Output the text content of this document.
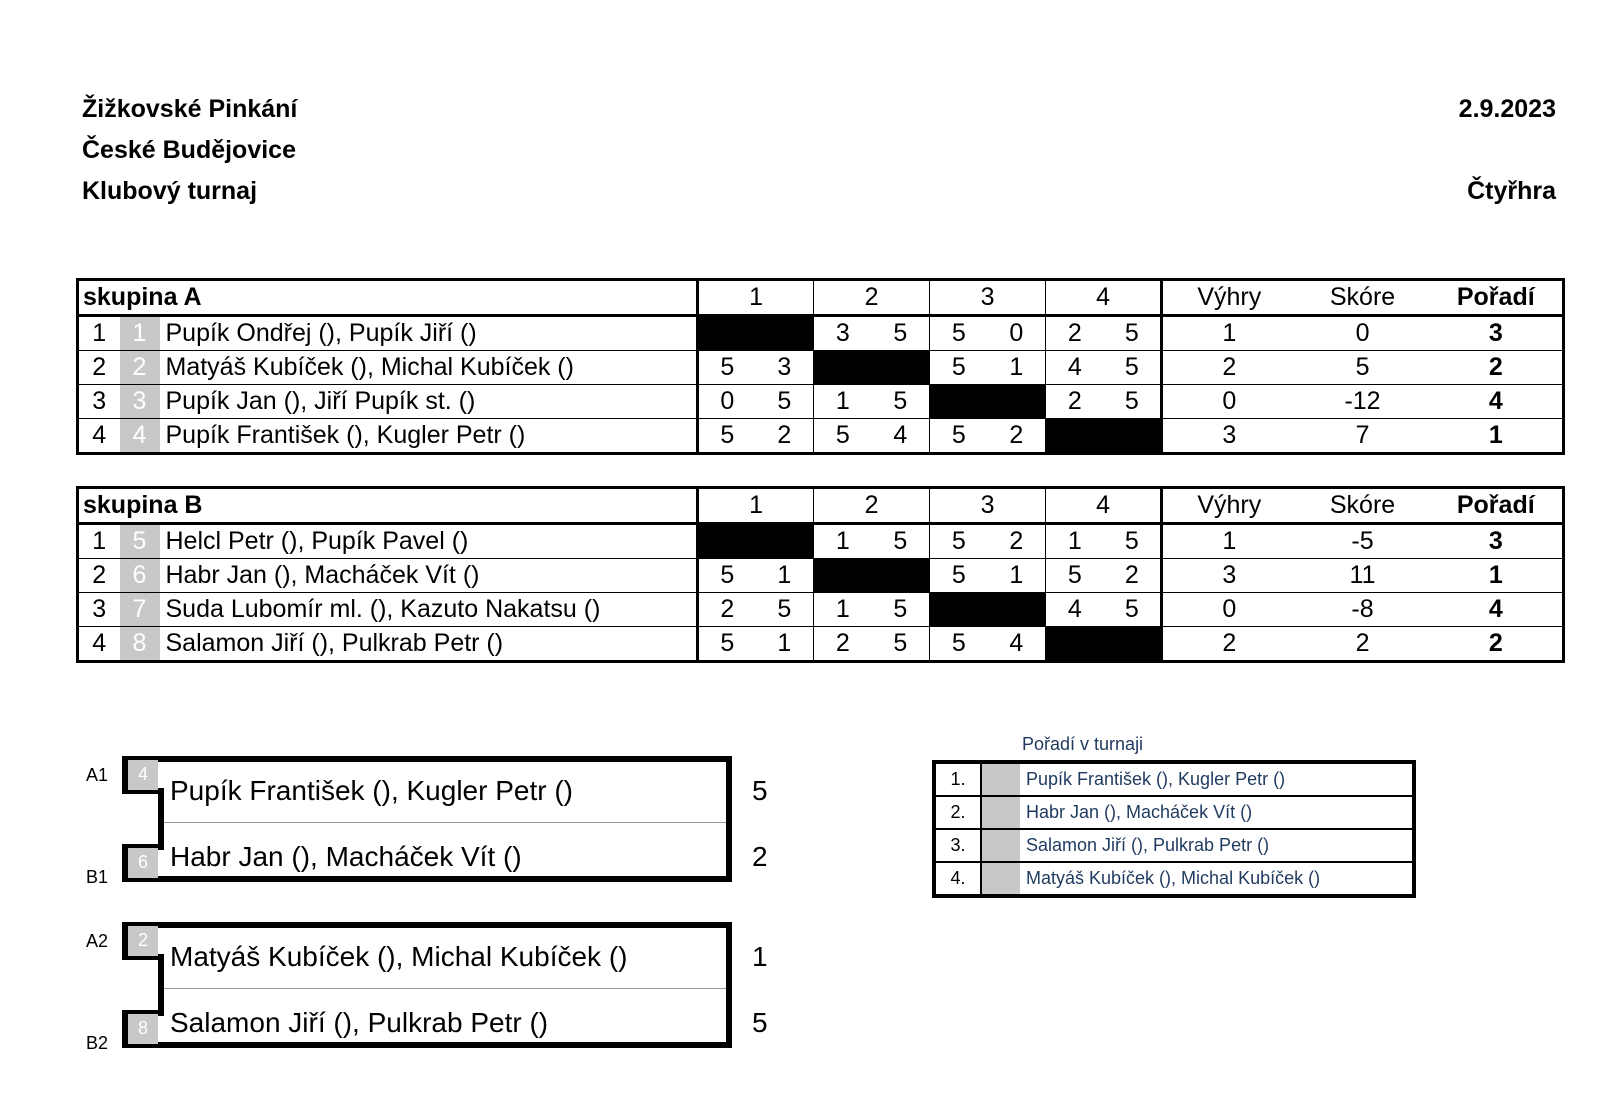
Žižkovské Pinkání
České Budějovice
Klubový turnaj
2.9.2023
Čtyřhra
skupina A			1		2		3		4		Výhry	Skóre	Pořadí
1	1	Pupík Ondřej (), Pupík Jiří ()			3	5	5	0	2	5	1	0	3
2	2	Matyáš Kubíček (), Michal Kubíček ()	5	3			5	1	4	5	2	5	2
3	3	Pupík Jan (), Jiří Pupík st. ()	0	5	1	5			2	5	0	-12	4
4	4	Pupík František (), Kugler Petr ()	5	2	5	4	5	2			3	7	1
skupina B			1		2		3		4		Výhry	Skóre	Pořadí
1	5	Helcl Petr (), Pupík Pavel ()			1	5	5	2	1	5	1	-5	3
2	6	Habr Jan (), Macháček Vít ()	5	1			5	1	5	2	3	11	1
3	7	Suda Lubomír ml. (), Kazuto Nakatsu ()	2	5	1	5			4	5	0	-8	4
4	8	Salamon Jiří (), Pulkrab Petr ()	5	1	2	5	5	4			2	2	2
4
6
A1
B1
Pupík František (), Kugler Petr ()
Habr Jan (), Macháček Vít ()
5
2
2
8
A2
B2
Matyáš Kubíček (), Michal Kubíček ()
Salamon Jiří (), Pulkrab Petr ()
1
5
Pořadí v turnaji
1.		Pupík František (), Kugler Petr ()
2.		Habr Jan (), Macháček Vít ()
3.		Salamon Jiří (), Pulkrab Petr ()
4.		Matyáš Kubíček (), Michal Kubíček ()
